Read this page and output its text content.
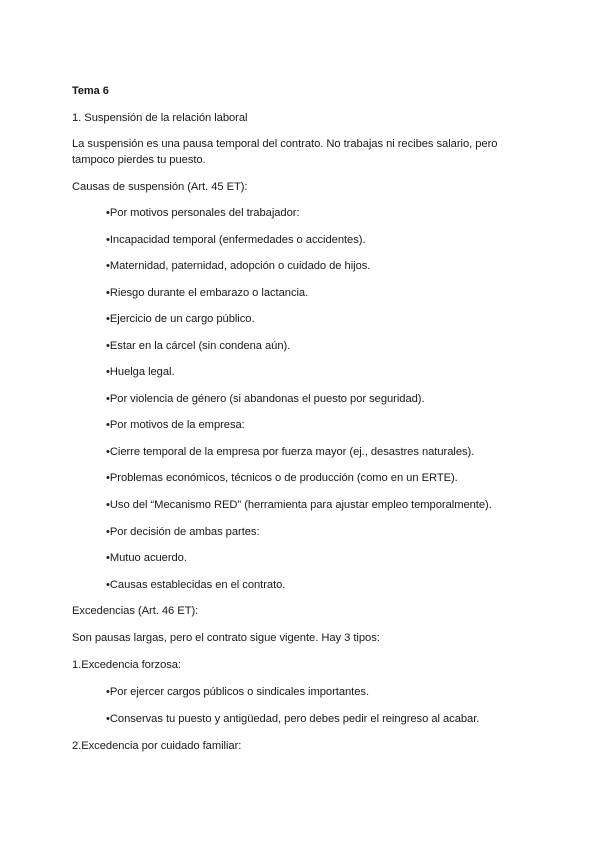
Tema 6
1. Suspensión de la relación laboral
La suspensión es una pausa temporal del contrato. No trabajas ni recibes salario, pero
tampoco pierdes tu puesto.
Causas de suspensión (Art. 45 ET):
•Por motivos personales del trabajador:
•Incapacidad temporal (enfermedades o accidentes).
•Maternidad, paternidad, adopción o cuidado de hijos.
•Riesgo durante el embarazo o lactancia.
•Ejercicio de un cargo público.
•Estar en la cárcel (sin condena aún).
•Huelga legal.
•Por violencia de género (si abandonas el puesto por seguridad).
•Por motivos de la empresa:
•Cierre temporal de la empresa por fuerza mayor (ej., desastres naturales).
•Problemas económicos, técnicos o de producción (como en un ERTE).
•Uso del “Mecanismo RED” (herramienta para ajustar empleo temporalmente).
•Por decisión de ambas partes:
•Mutuo acuerdo.
•Causas establecidas en el contrato.
Excedencias (Art. 46 ET):
Son pausas largas, pero el contrato sigue vigente. Hay 3 tipos:
1.Excedencia forzosa:
•Por ejercer cargos públicos o sindicales importantes.
•Conservas tu puesto y antigüedad, pero debes pedir el reingreso al acabar.
2.Excedencia por cuidado familiar:
